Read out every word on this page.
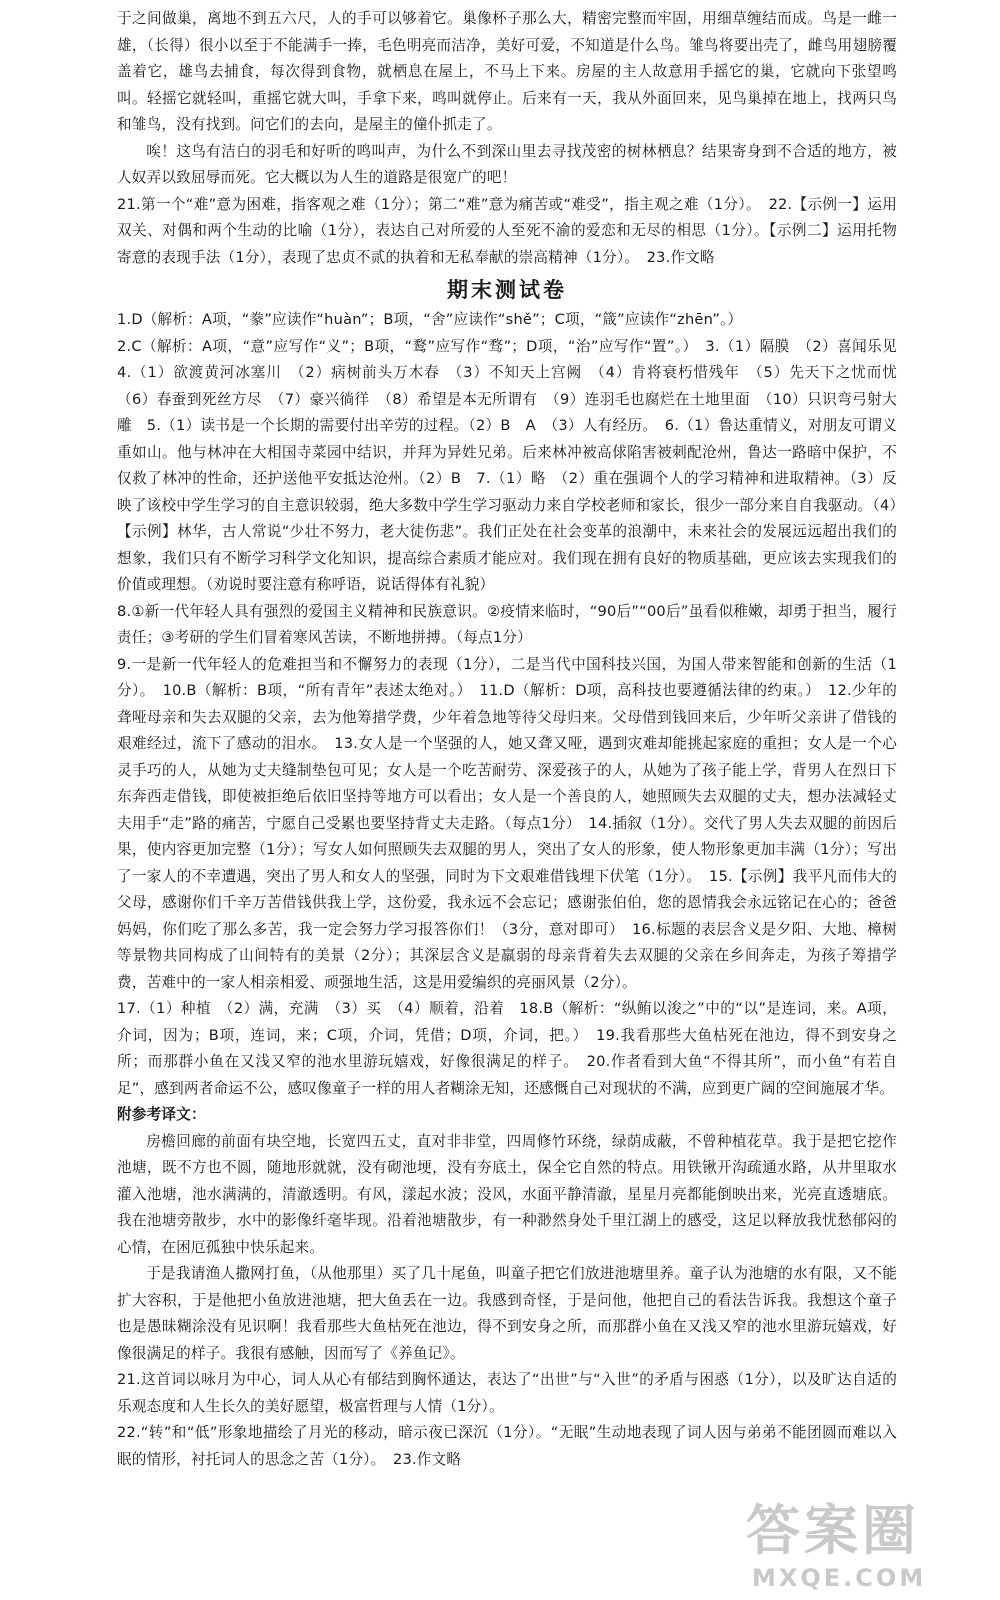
于之间做巢，离地不到五六尺，人的手可以够着它。巢像杯子那么大，精密完整而牢固，用细草缠结而成。鸟是一雌一雄，（长得）很小以至于不能满手一捧，毛色明亮而洁净，美好可爱，不知道是什么鸟。雏鸟将要出壳了，雌鸟用翅膀覆盖着它，雄鸟去捕食，每次得到食物，就栖息在屋上，不马上下来。房屋的主人故意用手摇它的巢，它就向下张望鸣叫。轻摇它就轻叫，重摇它就大叫，手拿下来，鸣叫就停止。后来有一天，我从外面回来，见鸟巢掉在地上，找两只鸟和雏鸟，没有找到。问它们的去向，是屋主的僮仆抓走了。

唉！这鸟有洁白的羽毛和好听的鸣叫声，为什么不到深山里去寻找茂密的树林栖息？结果寄身到不合适的地方，被人奴弄以致屈辱而死。它大概以为人生的道路是很宽广的吧！

21.第一个“难”意为困难，指客观之难（1分）；第二“难”意为痛苦或“难受”，指主观之难（1分）。　22.【示例一】运用双关、对偶和两个生动的比喻（1分），表达自己对所爱的人至死不渝的爱恋和无尽的相思（1分）。【示例二】运用托物寄意的表现手法（1分），表现了忠贞不贰的执着和无私奉献的崇高精神（1分）。　23.作文略

期末测试卷

1.D（解析：A项，“豢”应读作“huàn”；B项，“舍”应读作“shě”；C项，“箴”应读作“zhēn”。）

2.C（解析：A项，“意”应写作“义”；B项，“鹜”应写作“骛”；D项，“治”应写作“置”。）　3.（1）隔膜　（2）喜闻乐见　4.（1）欲渡黄河冰塞川　（2）病树前头万木春　（3）不知天上宫阙　（4）肯将衰朽惜残年　（5）先天下之忧而忧　（6）春蚕到死丝方尽　（7）豪兴徜徉　（8）希望是本无所谓有　（9）连羽毛也腐烂在土地里面　（10）只识弯弓射大雕　5.（1）读书是一个长期的需要付出辛劳的过程。（2）B　A　（3）人有经历。　6.（1）鲁达重情义，对朋友可谓义重如山。他与林冲在大相国寺菜园中结识，并拜为异姓兄弟。后来林冲被高俅陷害被刺配沧州，鲁达一路暗中保护，不仅救了林冲的性命，还护送他平安抵达沧州。（2）B　7.（1）略　（2）重在强调个人的学习精神和进取精神。（3）反映了该校中学生学习的自主意识较弱，绝大多数中学生学习驱动力来自学校老师和家长，很少一部分来自自我驱动。（4）【示例】林华，古人常说“少壮不努力，老大徒伤悲”。我们正处在社会变革的浪潮中，未来社会的发展远远超出我们的想象，我们只有不断学习科学文化知识，提高综合素质才能应对。我们现在拥有良好的物质基础，更应该去实现我们的价值或理想。（劝说时要注意有称呼语，说话得体有礼貌）

8.①新一代年轻人具有强烈的爱国主义精神和民族意识。②疫情来临时，“90后”“00后”虽看似稚嫩，却勇于担当，履行责任；③考研的学生们冒着寒风苦读，不断地拼搏。（每点1分）

9.一是新一代年轻人的危难担当和不懈努力的表现（1分），二是当代中国科技兴国，为国人带来智能和创新的生活（1分）。　10.B（解析：B项，“所有青年”表述太绝对。）　11.D（解析：D项，高科技也要遵循法律的约束。）　12.少年的聋哑母亲和失去双腿的父亲，去为他筹措学费，少年着急地等待父母归来。父母借到钱回来后，少年听父亲讲了借钱的艰难经过，流下了感动的泪水。　13.女人是一个坚强的人，她又聋又哑，遇到灾难却能挑起家庭的重担；女人是一个心灵手巧的人，从她为丈夫缝制垫包可见；女人是一个吃苦耐劳、深爱孩子的人，从她为了孩子能上学，背男人在烈日下东奔西走借钱，即使被拒绝后依旧坚持等地方可以看出；女人是一个善良的人，她照顾失去双腿的丈夫，想办法减轻丈夫用手“走”路的痛苦，宁愿自己受累也要坚持背丈夫走路。（每点1分）　14.插叙（1分）。交代了男人失去双腿的前因后果，使内容更加完整（1分）；写女人如何照顾失去双腿的男人，突出了女人的形象，使人物形象更加丰满（1分）；写出了一家人的不幸遭遇，突出了男人和女人的坚强，同时为下文艰难借钱埋下伏笔（1分）。　15.【示例】我平凡而伟大的父母，感谢你们千辛万苦借钱供我上学，这份爱，我永远不会忘记；感谢张伯伯，您的恩情我会永远铭记在心的；爸爸妈妈，你们吃了那么多苦，我一定会努力学习报答你们！（3分，意对即可）　16.标题的表层含义是夕阳、大地、樟树等景物共同构成了山间特有的美景（2分）；其深层含义是羸弱的母亲背着失去双腿的父亲在乡间奔走，为孩子筹措学费，苦难中的一家人相亲相爱、顽强地生活，这是用爱编织的亮丽风景（2分）。

17.（1）种植　（2）满，充满　（3）买　（4）顺着，沿着　18.B（解析：“纵鲔以浚之”中的“以”是连词，来。A项，介词，因为；B项，连词，来；C项，介词，凭借；D项，介词，把。）　19.我看那些大鱼枯死在池边，得不到安身之所；而那群小鱼在又浅又窄的池水里游玩嬉戏，好像很满足的样子。　20.作者看到大鱼“不得其所”，而小鱼“有若自足”，感到两者命运不公，感叹像童子一样的用人者糊涂无知，还感慨自己对现状的不满，应到更广阔的空间施展才华。

附参考译文：

房檐回廊的前面有块空地，长宽四五丈，直对非非堂，四周修竹环绕，绿荫成蔽，不曾种植花草。我于是把它挖作池塘，既不方也不圆，随地形就就，没有砌池埂，没有夯底土，保全它自然的特点。用铁锹开沟疏通水路，从井里取水灌入池塘，池水满满的，清澈透明。有风，漾起水波；没风，水面平静清澈，星星月亮都能倒映出来，光亮直透塘底。我在池塘旁散步，水中的影像纤毫毕现。沿着池塘散步，有一种渺然身处千里江湖上的感受，这足以释放我忧愁郁闷的心情，在困厄孤独中快乐起来。

于是我请渔人撒网打鱼，（从他那里）买了几十尾鱼，叫童子把它们放进池塘里养。童子认为池塘的水有限，又不能扩大容积，于是他把小鱼放进池塘，把大鱼丢在一边。我感到奇怪，于是问他，他把自己的看法告诉我。我想这个童子也是愚昧糊涂没有见识啊！我看那些大鱼枯死在池边，得不到安身之所，而那群小鱼在又浅又窄的池水里游玩嬉戏，好像很满足的样子。我很有感触，因而写了《养鱼记》。

21.这首词以咏月为中心，词人从心有郁结到胸怀通达，表达了“出世”与“入世”的矛盾与困惑（1分），以及旷达自适的乐观态度和人生长久的美好愿望，极富哲理与人情（1分）。

22.“转”和“低”形象地描绘了月光的移动，暗示夜已深沉（1分）。“无眠”生动地表现了词人因与弟弟不能团圆而难以入眠的情形，衬托词人的思念之苦（1分）。　23.作文略

答案圈
MXQE.COM
